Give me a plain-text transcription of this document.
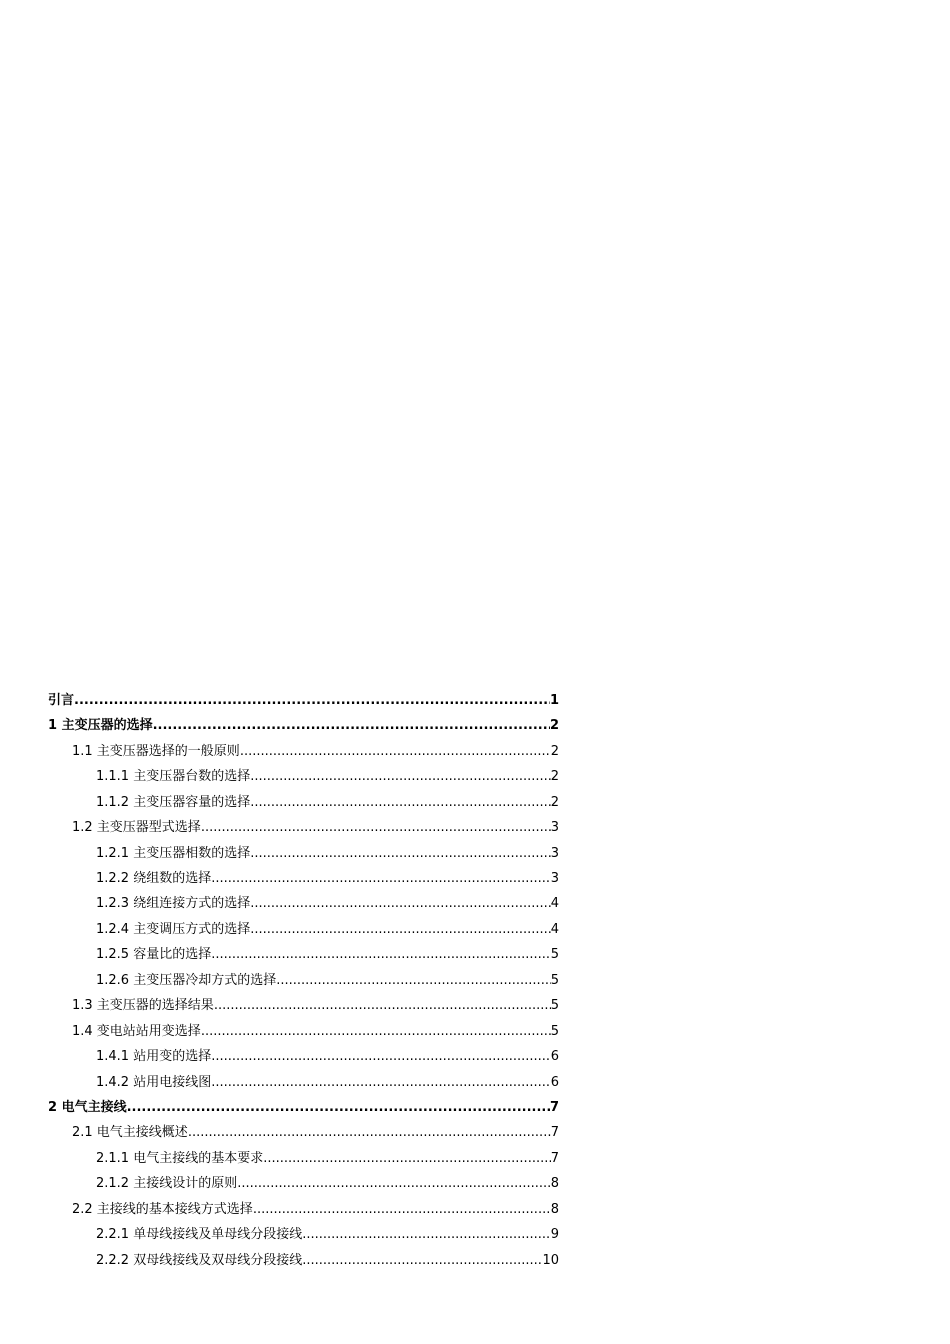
引言 .....	1
1 主变压器的选择 .....	2
1.1 主变压器选择的一般原则 .....	2
1.1.1 主变压器台数的选择 .....	2
1.1.2 主变压器容量的选择 .....	2
1.2 主变压器型式选择 .....	3
1.2.1 主变压器相数的选择 .....	3
1.2.2 绕组数的选择 .....	3
1.2.3 绕组连接方式的选择 .....	4
1.2.4 主变调压方式的选择 .....	4
1.2.5 容量比的选择 .....	5
1.2.6 主变压器冷却方式的选择 .....	5
1.3 主变压器的选择结果 .....	5
1.4 变电站站用变选择 .....	5
1.4.1 站用变的选择 .....	6
1.4.2 站用电接线图 .....	6
2 电气主接线 .....	7
2.1 电气主接线概述 .....	7
2.1.1 电气主接线的基本要求 .....	7
2.1.2 主接线设计的原则 .....	8
2.2 主接线的基本接线方式选择 .....	8
2.2.1 单母线接线及单母线分段接线 .....	9
2.2.2 双母线接线及双母线分段接线 .....	10
